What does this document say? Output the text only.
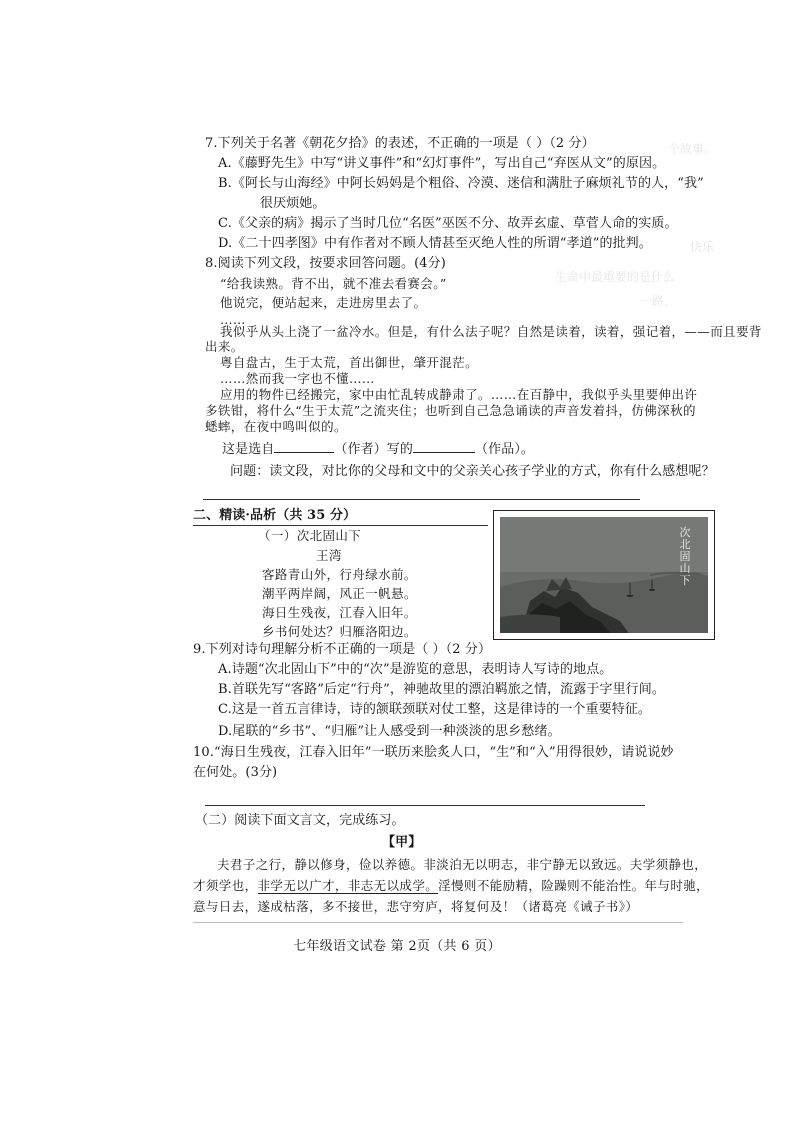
个故事。
快乐
一路，
生命中最重要的是什么
7.下列关于名著《朝花夕拾》的表述，不正确的一项是（ ）（2 分）
A.《藤野先生》中写“讲义事件”和“幻灯事件”，写出自己“弃医从文”的原因。
B.《阿长与山海经》中阿长妈妈是个粗俗、冷漠、迷信和满肚子麻烦礼节的人，“我”
很厌烦她。
C.《父亲的病》揭示了当时几位“名医”巫医不分、故弄玄虚、草菅人命的实质。
D.《二十四孝图》中有作者对不顾人情甚至灭绝人性的所谓“孝道”的批判。
8.阅读下列文段，按要求回答问题。(4分)
“给我读熟。背不出，就不准去看赛会。”
他说完，便站起来，走进房里去了。
……
我似乎从头上浇了一盆冷水。但是，有什么法子呢？自然是读着，读着，强记着，——而且要背
出来。
粤自盘古，生于太荒，首出御世，肇开混茫。
……然而我一字也不懂……
应用的物件已经搬完，家中由忙乱转成静肃了。……在百静中，我似乎头里要伸出许
多铁钳，将什么“生于太荒”之流夹住；也听到自己急急诵读的声音发着抖，仿佛深秋的
蟋蟀，在夜中鸣叫似的。
这是选自	（作者）写的	（作品）。
问题：读文段，对比你的父母和文中的父亲关心孩子学业的方式，你有什么感想呢？
二、精读·品析（共 35 分）
（一）次北固山下
王湾
客路青山外，行舟绿水前。
潮平两岸阔，风正一帆悬。
海日生残夜，江春入旧年。
乡书何处达？归雁洛阳边。
次北固山下
9.下列对诗句理解分析不正确的一项是（ ）（2 分）
A.诗题“次北固山下”中的“次”是游览的意思，表明诗人写诗的地点。
B.首联先写“客路”后定“行舟”，神驰故里的漂泊羁旅之情，流露于字里行间。
C.这是一首五言律诗，诗的颔联颈联对仗工整，这是律诗的一个重要特征。
D.尾联的“乡书”、“归雁”让人感受到一种淡淡的思乡愁绪。
10.“海日生残夜，江春入旧年”一联历来脍炙人口，“生”和“入”用得很妙，请说说妙
在何处。(3分)
（二）阅读下面文言文，完成练习。
【甲】
夫君子之行，静以修身，俭以养德。非淡泊无以明志，非宁静无以致远。夫学须静也，
才须学也，非学无以广才，非志无以成学。淫慢则不能励精，险躁则不能治性。年与时驰，
意与日去，遂成枯落，多不接世，悲守穷庐，将复何及！（诸葛亮《诫子书》）
七年级语文试卷 第 2页（共 6 页）
